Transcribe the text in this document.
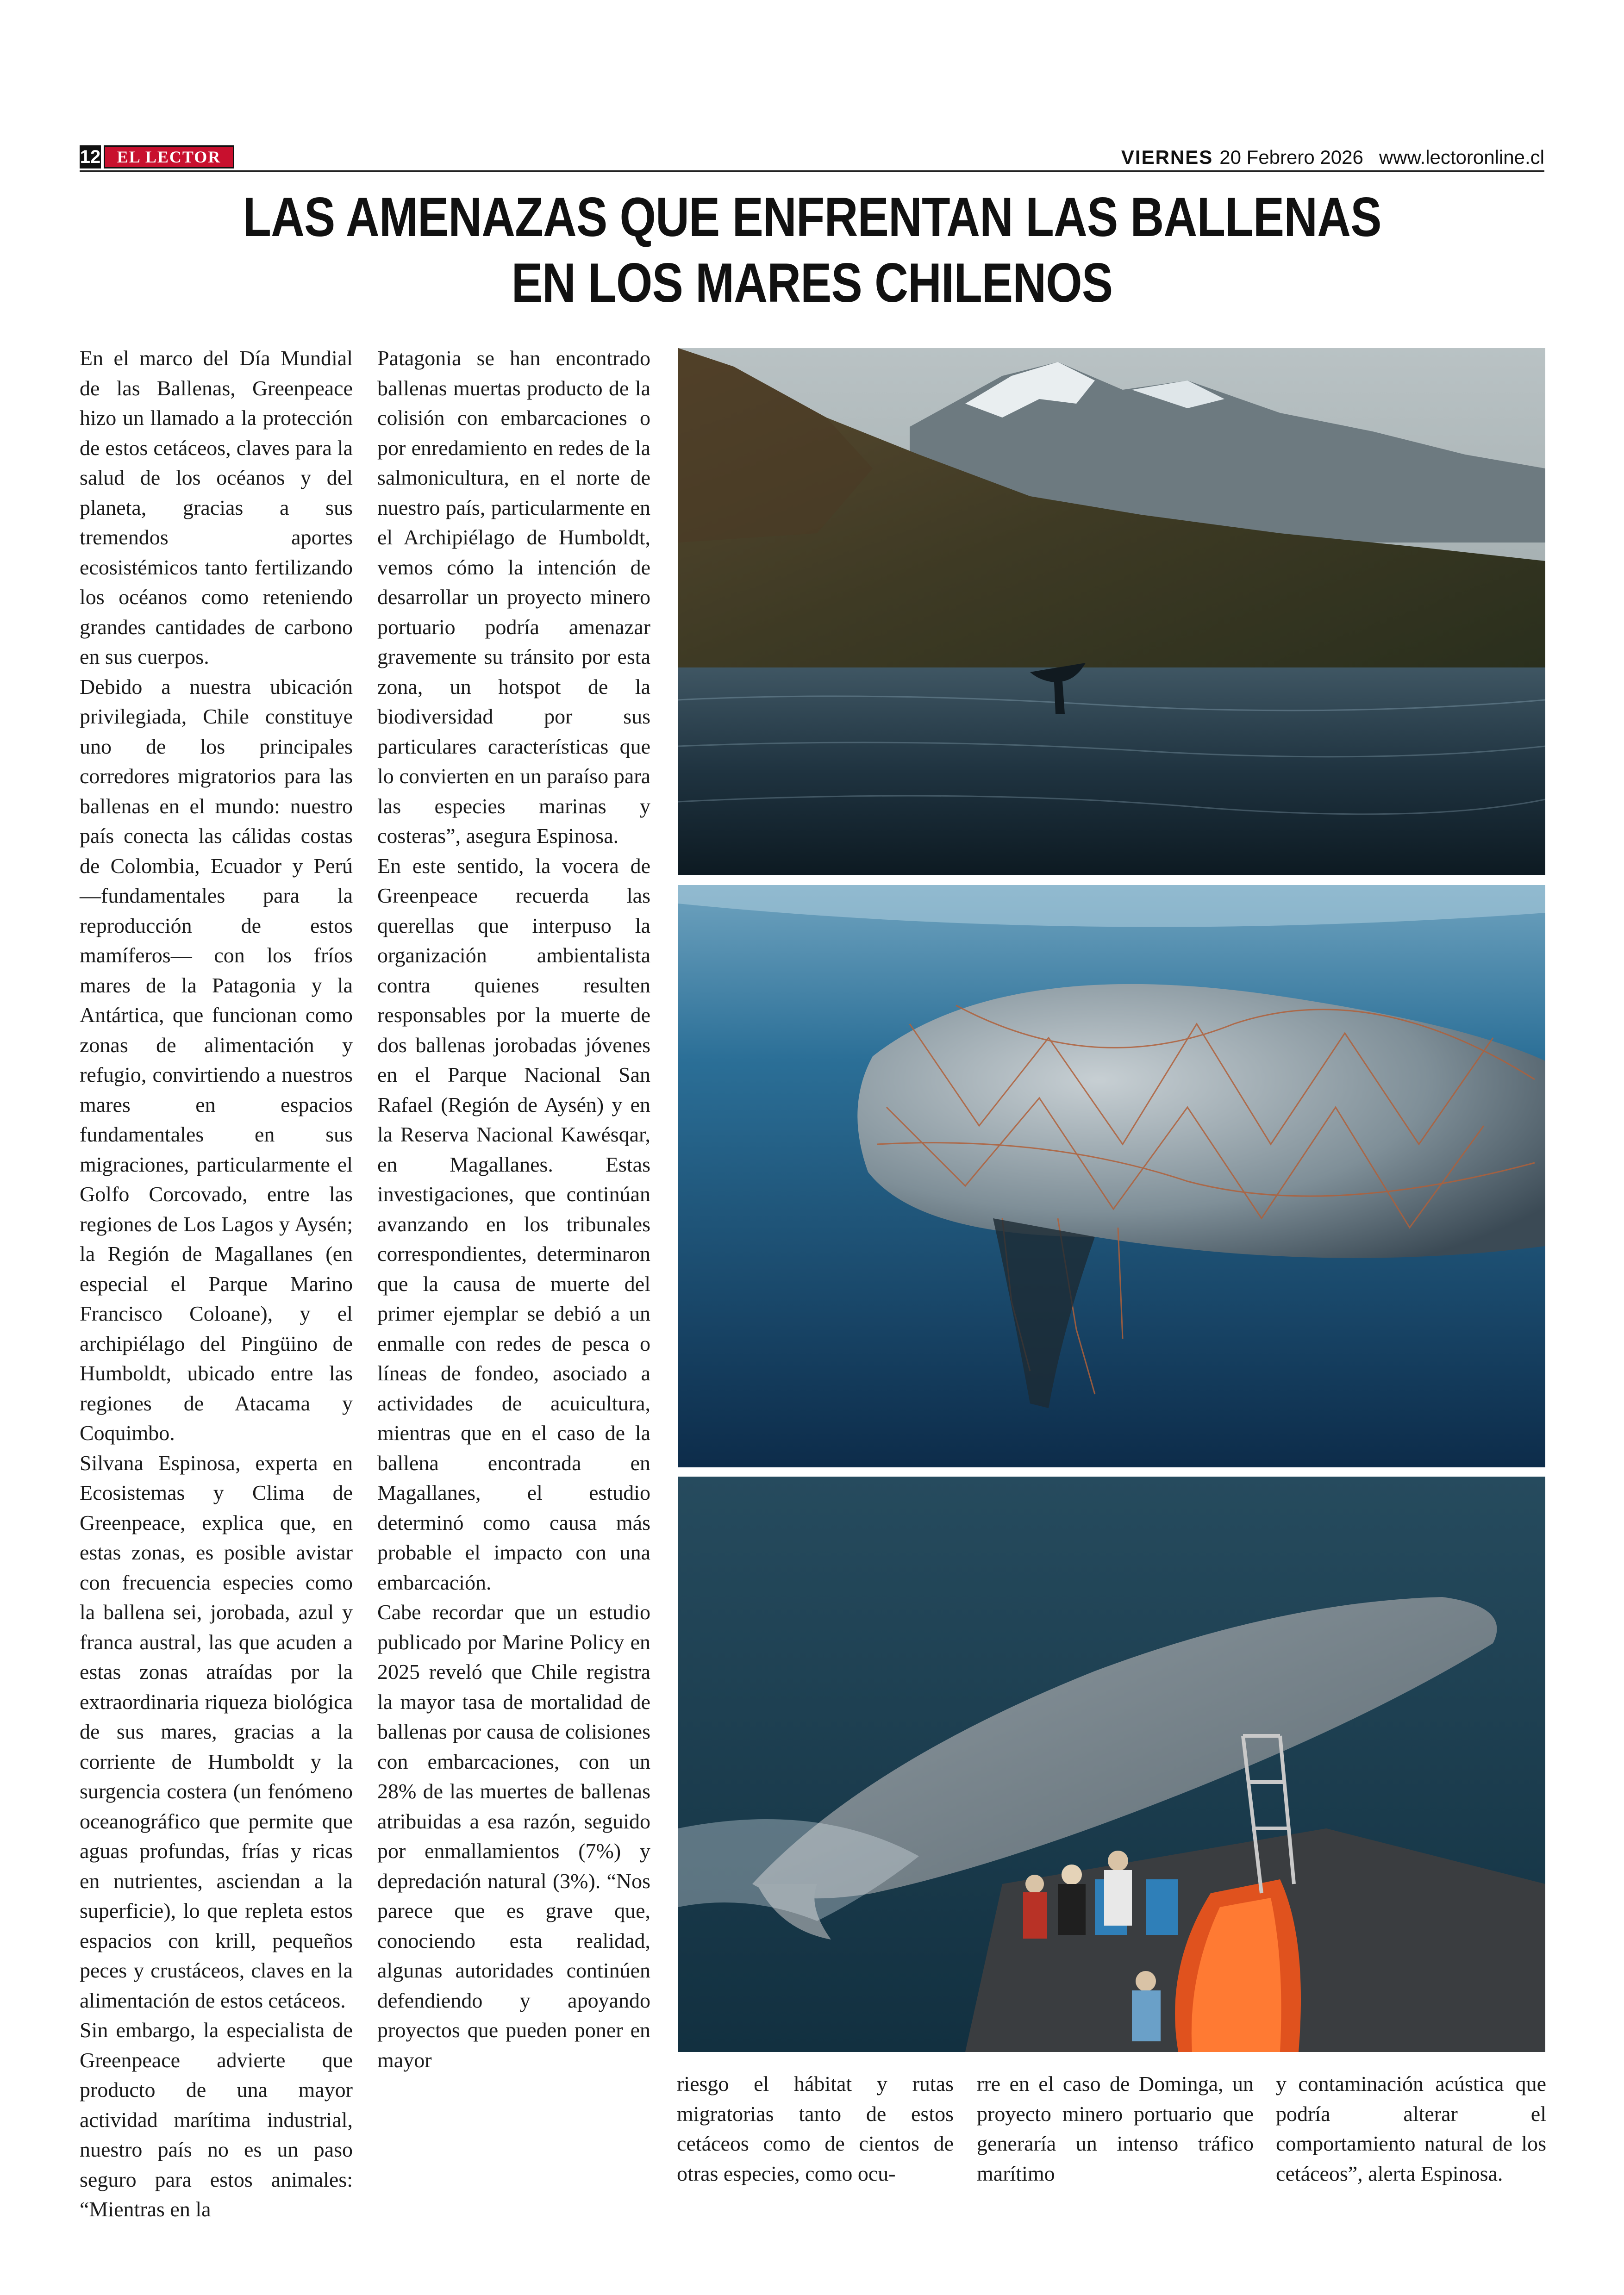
12 EL LECTOR	VIERNES 20 Febrero 2026 www.lectoronline.cl
LAS AMENAZAS QUE ENFRENTAN LAS BALLENAS EN LOS MARES CHILENOS

En el marco del Día Mundial de las Ballenas, Greenpeace hizo un llamado a la protección de estos cetáceos, claves para la salud de los océanos y del planeta, gracias a sus tremendos aportes ecosistémicos tanto fertilizando los océanos como reteniendo grandes cantidades de carbono en sus cuerpos.

Debido a nuestra ubicación privilegiada, Chile constituye uno de los principales corredores migratorios para las ballenas en el mundo: nuestro país conecta las cálidas costas de Colombia, Ecuador y Perú —fundamentales para la reproducción de estos mamíferos— con los fríos mares de la Patagonia y la Antártica, que funcionan como zonas de alimentación y refugio, convirtiendo a nuestros mares en espacios fundamentales en sus migraciones, particularmente el Golfo Corcovado, entre las regiones de Los Lagos y Aysén; la Región de Magallanes (en especial el Parque Marino Francisco Coloane), y el archipiélago del Pingüino de Humboldt, ubicado entre las regiones de Atacama y Coquimbo.

Silvana Espinosa, experta en Ecosistemas y Clima de Greenpeace, explica que, en estas zonas, es posible avistar con frecuencia especies como la ballena sei, jorobada, azul y franca austral, las que acuden a estas zonas atraídas por la extraordinaria riqueza biológica de sus mares, gracias a la corriente de Humboldt y la surgencia costera (un fenómeno oceanográfico que permite que aguas profundas, frías y ricas en nutrientes, asciendan a la superficie), lo que repleta estos espacios con krill, pequeños peces y crustáceos, claves en la alimentación de estos cetáceos.

Sin embargo, la especialista de Greenpeace advierte que producto de una mayor actividad marítima industrial, nuestro país no es un paso seguro para estos animales: “Mientras en la

Patagonia se han encontrado ballenas muertas producto de la colisión con embarcaciones o por enredamiento en redes de la salmonicultura, en el norte de nuestro país, particularmente en el Archipiélago de Humboldt, vemos cómo la intención de desarrollar un proyecto minero portuario podría amenazar gravemente su tránsito por esta zona, un hotspot de la biodiversidad por sus particulares características que lo convierten en un paraíso para las especies marinas y costeras”, asegura Espinosa.

En este sentido, la vocera de Greenpeace recuerda las querellas que interpuso la organización ambientalista contra quienes resulten responsables por la muerte de dos ballenas jorobadas jóvenes en el Parque Nacional San Rafael (Región de Aysén) y en la Reserva Nacional Kawésqar, en Magallanes. Estas investigaciones, que continúan avanzando en los tribunales correspondientes, determinaron que la causa de muerte del primer ejemplar se debió a un enmalle con redes de pesca o líneas de fondeo, asociado a actividades de acuicultura, mientras que en el caso de la ballena encontrada en Magallanes, el estudio determinó como causa más probable el impacto con una embarcación.

Cabe recordar que un estudio publicado por Marine Policy en 2025 reveló que Chile registra la mayor tasa de mortalidad de ballenas por causa de colisiones con embarcaciones, con un 28% de las muertes de ballenas atribuidas a esa razón, seguido por enmallamientos (7%) y depredación natural (3%). “Nos parece que es grave que, conociendo esta realidad, algunas autoridades continúen defendiendo y apoyando proyectos que pueden poner en mayor

riesgo el hábitat y rutas migratorias tanto de estos cetáceos como de cientos de otras especies, como ocu-

rre en el caso de Dominga, un proyecto minero portuario que generaría un intenso tráfico marítimo

y contaminación acústica que podría alterar el comportamiento natural de los cetáceos”, alerta Espinosa.
